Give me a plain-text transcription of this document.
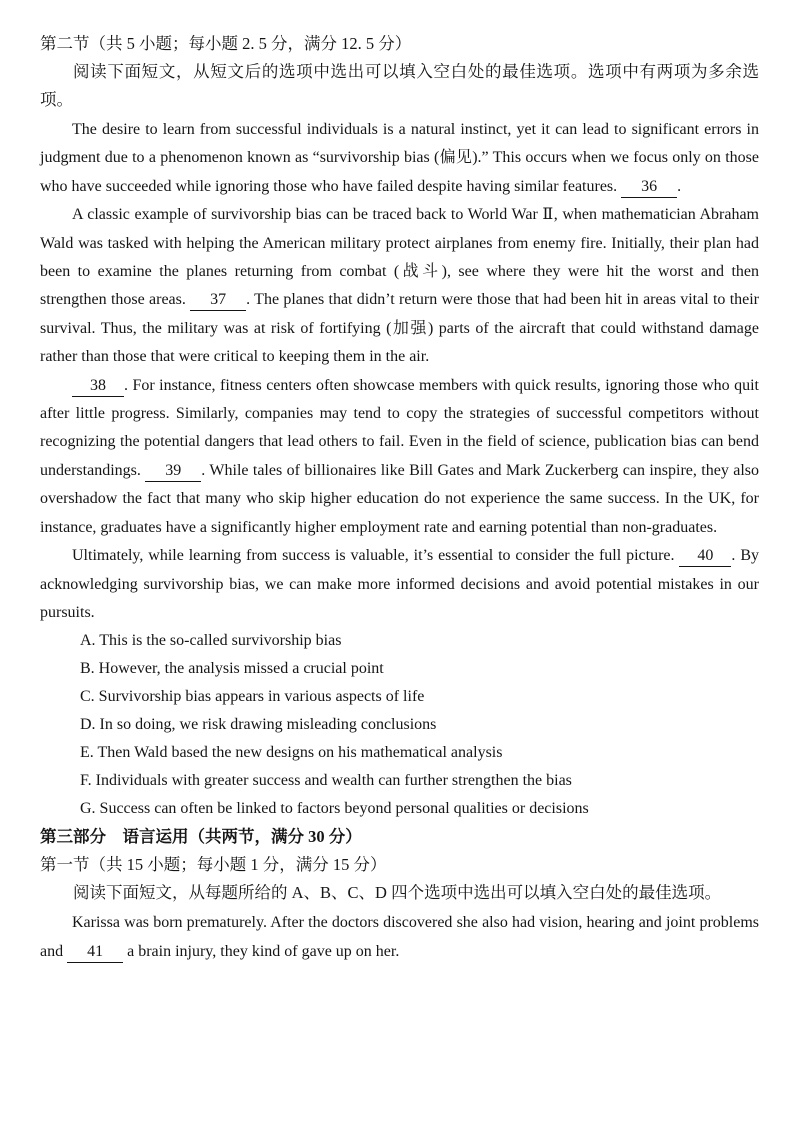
第二节（共 5 小题；每小题 2. 5 分，满分 12. 5 分）

阅读下面短文，从短文后的选项中选出可以填入空白处的最佳选项。选项中有两项为多余选项。

The desire to learn from successful individuals is a natural instinct, yet it can lead to significant errors in judgment due to a phenomenon known as “survivorship bias (偏见).” This occurs when we focus only on those who have succeeded while ignoring those who have failed despite having similar features. 36 .

A classic example of survivorship bias can be traced back to World War Ⅱ, when mathematician Abraham Wald was tasked with helping the American military protect airplanes from enemy fire. Initially, their plan had been to examine the planes returning from combat (战斗), see where they were hit the worst and then strengthen those areas. 37 . The planes that didn’t return were those that had been hit in areas vital to their survival. Thus, the military was at risk of fortifying (加强) parts of the aircraft that could withstand damage rather than those that were critical to keeping them in the air.

38 . For instance, fitness centers often showcase members with quick results, ignoring those who quit after little progress. Similarly, companies may tend to copy the strategies of successful competitors without recognizing the potential dangers that lead others to fail. Even in the field of science, publication bias can bend understandings. 39 . While tales of billionaires like Bill Gates and Mark Zuckerberg can inspire, they also overshadow the fact that many who skip higher education do not experience the same success. In the UK, for instance, graduates have a significantly higher employment rate and earning potential than non-graduates.

Ultimately, while learning from success is valuable, it’s essential to consider the full picture. 40 . By acknowledging survivorship bias, we can make more informed decisions and avoid potential mistakes in our pursuits.

A. This is the so-called survivorship bias
B. However, the analysis missed a crucial point
C. Survivorship bias appears in various aspects of life
D. In so doing, we risk drawing misleading conclusions
E. Then Wald based the new designs on his mathematical analysis
F. Individuals with greater success and wealth can further strengthen the bias
G. Success can often be linked to factors beyond personal qualities or decisions

第三部分　语言运用（共两节，满分 30 分）

第一节（共 15 小题；每小题 1 分，满分 15 分）

阅读下面短文，从每题所给的 A、B、C、D 四个选项中选出可以填入空白处的最佳选项。

Karissa was born prematurely. After the doctors discovered she also had vision, hearing and joint problems and 41 a brain injury, they kind of gave up on her.
